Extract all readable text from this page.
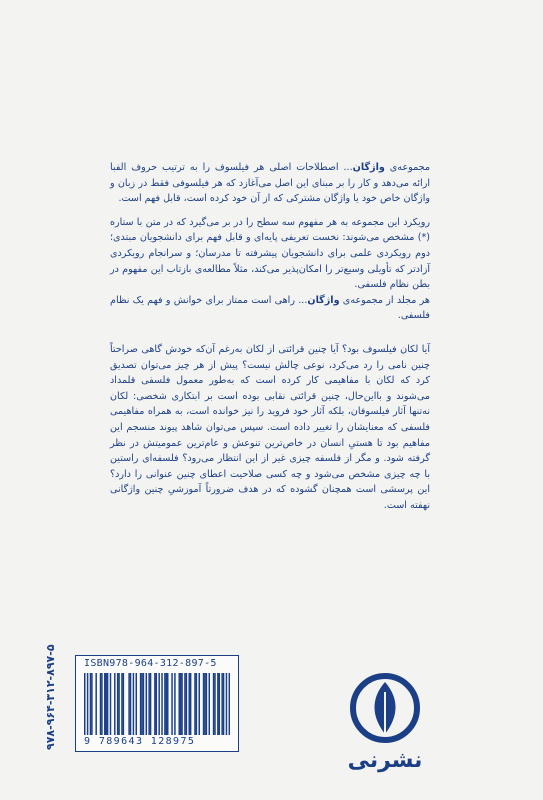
مجموعه‌ی واژگان... اصطلاحات اصلی هر فیلسوف را به ترتیب حروف الفبا ارائه می‌دهد و کار را بر مبنای این اصل می‌آغازد که هر فیلسوفی فقط در زبان و واژگان خاص خود یا واژگان مشترکی که از آن خود کرده است، قابل فهم است.

رویکرد این مجموعه به هر مفهوم سه سطح را در بر می‌گیرد که در متن با ستاره (*) مشخص می‌شوند: نخست تعریفی پایه‌ای و قابل فهم برای دانشجویان مبتدی؛ دوم رویکردی علمی برای دانشجویان پیشرفته تا مدرسان؛ و سرانجام رویکردی آزادتر که تأویلی وسیع‌تر را امکان‌پذیر می‌کند، مثلاً مطالعه‌ی بازتاب این مفهوم در بطن نظام فلسفی.

هر مجلد از مجموعه‌ی واژگان... راهی است ممتاز برای خوانش و فهم یک نظام فلسفی.

آیا لکان فیلسوف بود؟ آیا چنین قرائتی از لکان به‌رغم آن‌که خودش گاهی صراحتاً چنین نامی را رد می‌کرد، نوعی چالش نیست؟ پیش از هر چیز می‌توان تصدیق کرد که لکان با مفاهیمی کار کرده است که به‌طور معمول فلسفی قلمداد می‌شوند و با‌این‌حال، چنین قرائتی نقابی بوده است بر ابتکاری شخصی: لکان نه‌تنها آثار فیلسوفان، بلکه آثار خود فروید را نیز خوانده است، به همراه مفاهیمی فلسفی که معنایشان را تغییر داده است. سپس می‌توان شاهد پیوند منسجم این مفاهیم بود تا هستیِ انسان در خاص‌ترین تنوعش و عام‌ترین عمومیتش در نظر گرفته شود. و مگر از فلسفه چیزی غیر از این انتظار می‌رود؟ فلسفه‌ای راستین با چه چیزی مشخص می‌شود و چه کسی صلاحیت اعطای چنین عنوانی را دارد؟ این پرسشی است همچنان گشوده که در هدف ضرورتاً آموزشیِ چنین واژگانی نهفته است.

۹۷۸-۹۶۴-۳۱۲-۸۹۷-۵	ISBN978-964-312-897-5
9 789643 128975
نشرنی
